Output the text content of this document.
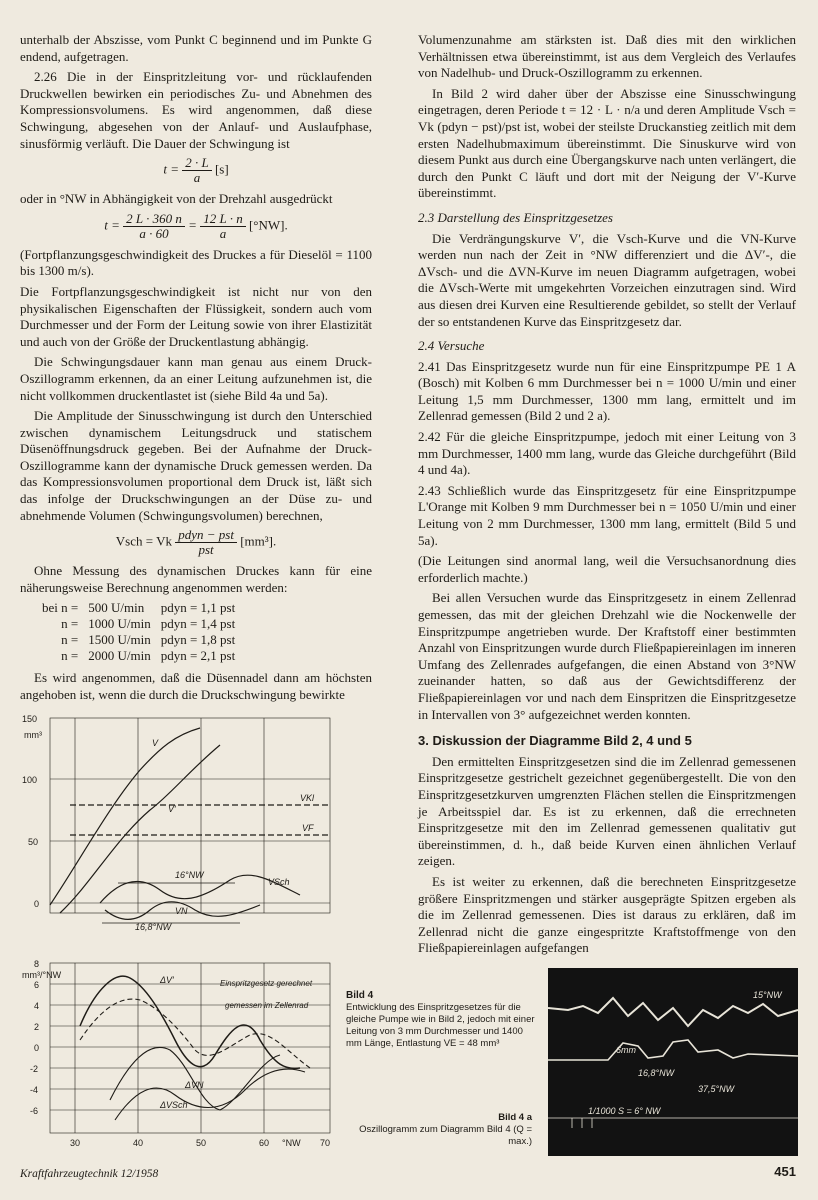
unterhalb der Abszisse, vom Punkt C beginnend und im Punkte G endend, aufgetragen.

2.26 Die in der Einspritzleitung vor- und rücklaufenden Druckwellen bewirken ein periodisches Zu- und Abnehmen des Kompressionsvolumens. Es wird angenommen, daß diese Schwingung, abgesehen von der Anlauf- und Auslaufphase, sinusförmig verläuft. Die Dauer der Schwingung ist

$t = \frac{2 \cdot L}{a} [s]$

oder in °NW in Abhängigkeit von der Drehzahl ausgedrückt

$t = \frac{2 L \cdot 360 n}{a \cdot 60} = \frac{12 L \cdot n}{a} [^\circ NW]$.

(Fortpflanzungsgeschwindigkeit des Druckes a für Dieselöl = 1100 bis 1300 m/s).

Die Fortpflanzungsgeschwindigkeit ist nicht nur von den physikalischen Eigenschaften der Flüssigkeit, sondern auch vom Durchmesser und der Form der Leitung sowie von ihrer Elastizität und auch von der Größe der Druckentlastung abhängig.

Die Schwingungsdauer kann man genau aus einem Druck-Oszillogramm erkennen, da an einer Leitung aufzunehmen ist, die nicht vollkommen druckentlastet ist (siehe Bild 4a und 5a).

Die Amplitude der Sinusschwingung ist durch den Unterschied zwischen dynamischem Leitungsdruck und statischem Düsenöffnungsdruck gegeben. Bei der Aufnahme der Druck-Oszillogramme kann der dynamische Druck gemessen werden. Da das Kompressionsvolumen proportional dem Druck ist, läßt sich das infolge der Druckschwingungen an der Düse zu- und abnehmende Volumen (Schwingungsvolumen) berechnen,

Vsch = Vk $\frac{\text{pdyn − pst}}{\text{pst}} [mm^3]$.

Ohne Messung des dynamischen Druckes kann für eine näherungsweise Berechnung angenommen werden:

bei n =	500 U/min	pdyn = 1,1 pst
n =	1000 U/min	pdyn = 1,4 pst
n =	1500 U/min	pdyn = 1,8 pst
n =	2000 U/min	pdyn = 2,1 pst

Es wird angenommen, daß die Düsennadel dann am höchsten angehoben ist, wenn die durch die Druckschwingung bewirkte

Volumenzunahme am stärksten ist. Daß dies mit den wirklichen Verhältnissen etwa übereinstimmt, ist aus dem Vergleich des Verlaufes von Nadelhub- und Druck-Oszillogramm zu erkennen.

In Bild 2 wird daher über der Abszisse eine Sinusschwingung eingetragen, deren Periode t = 12 · L · n/a und deren Amplitude Vsch = Vk (pdyn − pst)/pst ist, wobei der steilste Druckanstieg zeitlich mit dem ersten Nadelhubmaximum übereinstimmt. Die Sinuskurve wird von diesem Punkt aus durch eine Übergangskurve nach unten verlängert, die durch den Punkt C läuft und dort mit der Neigung der V′-Kurve übereinstimmt.

2.3 Darstellung des Einspritzgesetzes

Die Verdrängungskurve V′, die Vsch-Kurve und die VN-Kurve werden nun nach der Zeit in °NW differenziert und die ΔV′-, die ΔVsch- und die ΔVN-Kurve im neuen Diagramm aufgetragen, wobei die ΔVsch-Werte mit umgekehrten Vorzeichen einzutragen sind. Wird aus diesen drei Kurven eine Resultierende gebildet, so stellt der Verlauf der so entstandenen Kurve das Einspritzgesetz dar.

2.4 Versuche

2.41 Das Einspritzgesetz wurde nun für eine Einspritzpumpe PE 1 A (Bosch) mit Kolben 6 mm Durchmesser bei n = 1000 U/min und einer Leitung 1,5 mm Durchmesser, 1300 mm lang, ermittelt und im Zellenrad gemessen (Bild 2 und 2 a).

2.42 Für die gleiche Einspritzpumpe, jedoch mit einer Leitung von 3 mm Durchmesser, 1400 mm lang, wurde das Gleiche durchgeführt (Bild 4 und 4a).

2.43 Schließlich wurde das Einspritzgesetz für eine Einspritzpumpe L'Orange mit Kolben 9 mm Durchmesser bei n = 1050 U/min und einer Leitung von 2 mm Durchmesser, 1300 mm lang, ermittelt (Bild 5 und 5a).

(Die Leitungen sind anormal lang, weil die Versuchsanordnung dies erforderlich machte.)

Bei allen Versuchen wurde das Einspritzgesetz in einem Zellenrad gemessen, das mit der gleichen Drehzahl wie die Nockenwelle der Einspritzpumpe angetrieben wurde. Der Kraftstoff einer bestimmten Anzahl von Einspritzungen wurde durch Fließpapiereinlagen im inneren Umfang des Zellenrades aufgefangen, die einen Abstand von 3°NW zueinander hatten, so daß aus der Gewichtsdifferenz der Fließpapiereinlagen vor und nach dem Einspritzen die Einspritzgesetze in Intervallen von 3° aufgezeichnet werden konnten.

3. Diskussion der Diagramme Bild 2, 4 und 5

Den ermittelten Einspritzgesetzen sind die im Zellenrad gemessenen Einspritzgesetze gestrichelt gezeichnet gegenübergestellt. Die von den Einspritzgesetzkurven umgrenzten Flächen stellen die Einspritzmengen je Arbeitsspiel dar. Es ist zu erkennen, daß die errechneten Einspritzgesetze mit den im Zellenrad gemessenen qualitativ gut übereinstimmen, d. h., daß beide Kurven einen ähnlichen Verlauf zeigen.

Es ist weiter zu erkennen, daß die berechneten Einspritzgesetze größere Einspritzmengen und stärker ausgeprägte Spitzen ergeben als die im Zellenrad gemessenen. Dies ist daraus zu erklären, daß im Zellenrad nicht die ganze eingespritzte Kraftstoffmenge von den Fließpapiereinlagen aufgefangen

150
mm³
100
50
0
8
mm³/°NW
4
6
2
0
-2
-4
-6
30	40	50	60 °NW 70
V
V′
VKl
VF
VSch
VN
16°NW
16,8°NW
ΔV′	Einspritzgesetz gerechnet
gemessen im Zellenrad
ΔVN
ΔVSch
Bild 4
Entwicklung des Einspritzgesetzes für die gleiche Pumpe wie in Bild 2, jedoch mit einer Leitung von 3 mm Durchmesser und 1400 mm Länge, Entlastung VE = 48 mm³
Bild 4 a
Oszillogramm zum Diagramm Bild 4 (Q = max.)
15°NW
6mm
16,8°NW
37,5°NW
1/1000 S = 6° NW
Kraftfahrzeugtechnik 12/1958	451
